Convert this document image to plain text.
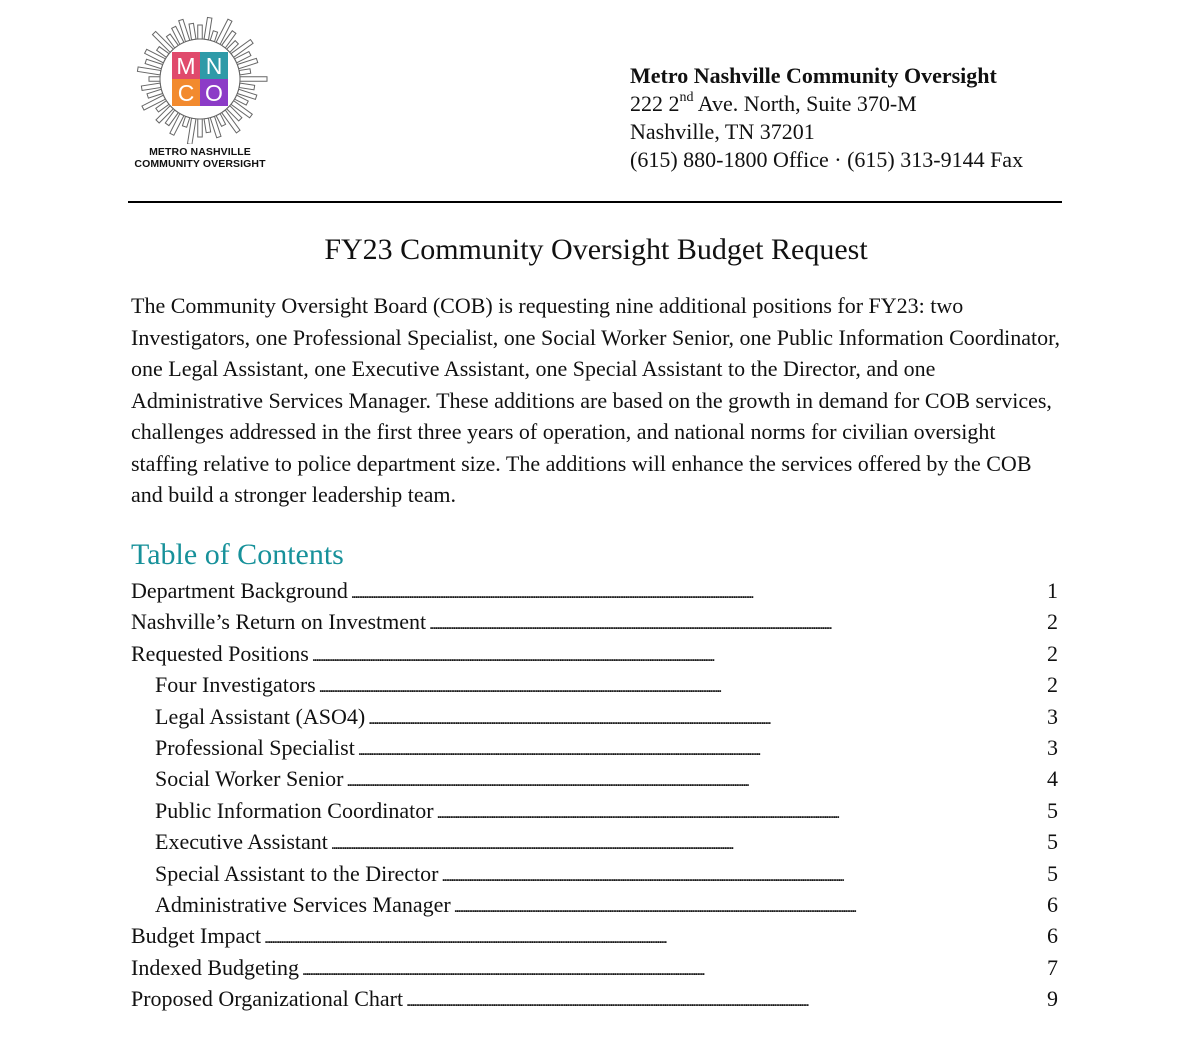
M N
C O
METRO NASHVILLE
COMMUNITY OVERSIGHT
Metro Nashville Community Oversight
222 2nd Ave. North, Suite 370-M
Nashville, TN 37201
(615) 880-1800 Office · (615) 313-9144 Fax
FY23 Community Oversight Budget Request

The Community Oversight Board (COB) is requesting nine additional positions for FY23: two Investigators, one Professional Specialist, one Social Worker Senior, one Public Information Coordinator, one Legal Assistant, one Executive Assistant, one Special Assistant to the Director, and one Administrative Services Manager. These additions are based on the growth in demand for COB services, challenges addressed in the first three years of operation, and national norms for civilian oversight staffing relative to police department size. The additions will enhance the services offered by the COB and build a stronger leadership team.

Table of Contents
Department Background . . .	1
Nashville’s Return on Investment . . .	2
Requested Positions . . .	2
Four Investigators . . .	2
Legal Assistant (ASO4) . . .	3
Professional Specialist . . .	3
Social Worker Senior . . .	4
Public Information Coordinator . . .	5
Executive Assistant . . .	5
Special Assistant to the Director . . .	5
Administrative Services Manager . . .	6
Budget Impact . . .	6
Indexed Budgeting . . .	7
Proposed Organizational Chart . . .	9
